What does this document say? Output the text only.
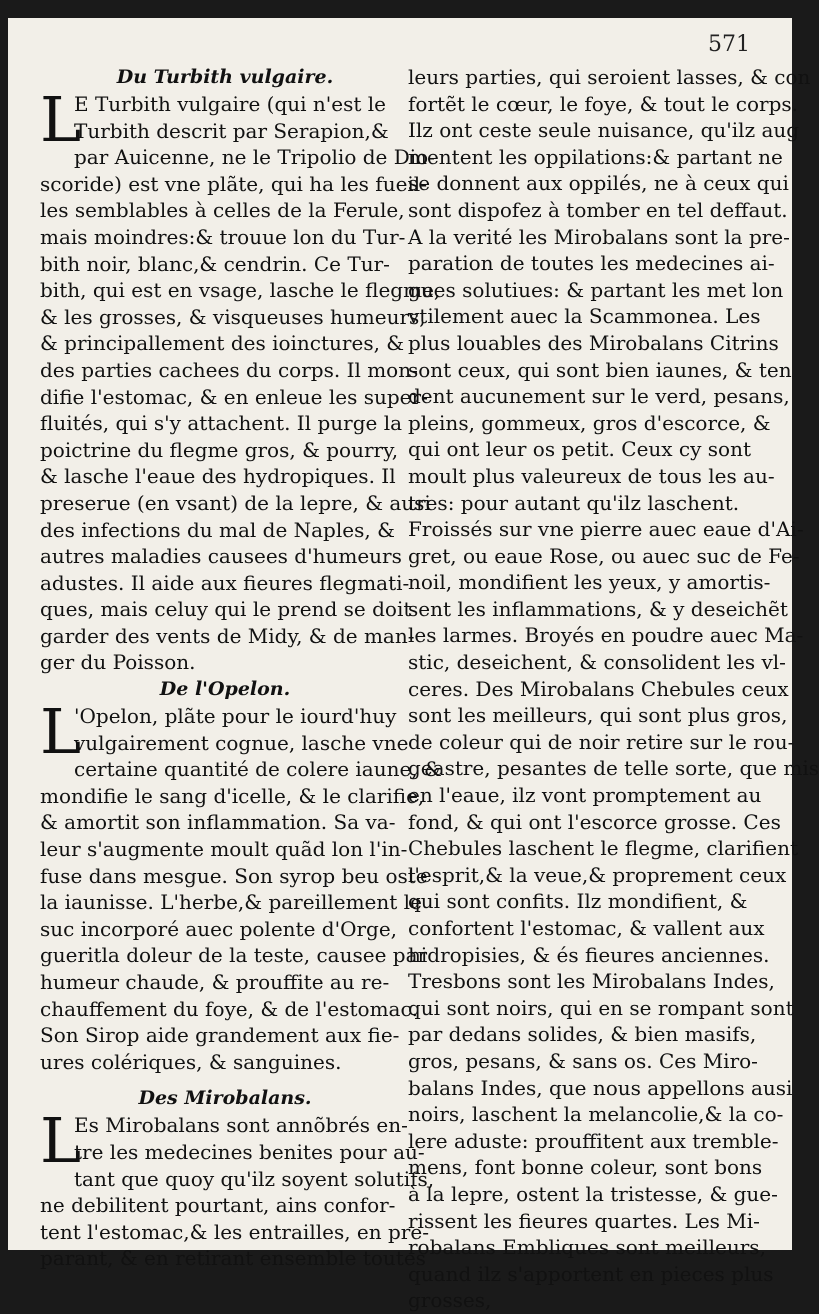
571
Du Turbith vulgaire.
L
E Turbith vulgaire (qui n'est le
Turbith descrit par Serapion,&
par Auicenne, ne le Tripolio de Dio-
scoride) est vne plãte, qui ha les fueil-
les semblables à celles de la Ferule,
mais moindres:& trouue lon du Tur-
bith noir, blanc,& cendrin. Ce Tur-
bith, qui est en vsage, lasche le flegme,
& les grosses, & visqueuses humeurs,
& principallement des ioinctures, &
des parties cachees du corps. Il mon-
difie l'estomac, & en enleue les super-
fluités, qui s'y attachent. Il purge la
poictrine du flegme gros, & pourry,
& lasche l'eaue des hydropiques. Il
preserue (en vsant) de la lepre, & ausi
des infections du mal de Naples, &
autres maladies causees d'humeurs
adustes. Il aide aux fieures flegmati-
ques, mais celuy qui le prend se doit
garder des vents de Midy, & de man-
ger du Poisson.
De l'Opelon.
L
'Opelon, plãte pour le iourd'huy
vulgairement cognue, lasche vne
certaine quantité de colere iaune, &
mondifie le sang d'icelle, & le clarifie,
& amortit son inflammation. Sa va-
leur s'augmente moult quãd lon l'in-
fuse dans mesgue. Son syrop beu oste
la iaunisse. L'herbe,& pareillement le
suc incorporé auec polente d'Orge,
gueritla doleur de la teste, causee par
humeur chaude, & prouffite au re-
chauffement du foye, & de l'estomac.
Son Sirop aide grandement aux fie-
ures colériques, & sanguines.
Des Mirobalans.
L
Es Mirobalans sont annõbrés en-
tre les medecines benites pour au-
tant que quoy qu'ilz soyent solutifs,
ne debilitent pourtant, ains confor-
tent l'estomac,& les entrailles, en pre-
parant, & en retirant ensemble toutes
leurs parties, qui seroient lasses, & con
fortẽt le cœur, le foye, & tout le corps.
Ilz ont ceste seule nuisance, qu'ilz aug
mentent les oppilations:& partant ne
se donnent aux oppilés, ne à ceux qui
sont dispofez à tomber en tel deffaut.
A la verité les Mirobalans sont la pre-
paration de toutes les medecines ai-
gues solutiues: & partant les met lon
vtilement auec la Scammonea. Les
plus louables des Mirobalans Citrins
sont ceux, qui sont bien iaunes, & ten
dent aucunement sur le verd, pesans,
pleins, gommeux, gros d'escorce, &
qui ont leur os petit. Ceux cy sont
moult plus valeureux de tous les au-
tres: pour autant qu'ilz laschent.
Froissés sur vne pierre auec eaue d'Ai-
gret, ou eaue Rose, ou auec suc de Fe-
noil, mondifient les yeux, y amortis-
sent les inflammations, & y deseichẽt
les larmes. Broyés en poudre auec Ma-
stic, deseichent, & consolident les vl-
ceres. Des Mirobalans Chebules ceux
sont les meilleurs, qui sont plus gros,
de coleur qui de noir retire sur le rou-
geastre, pesantes de telle sorte, que mis
en l'eaue, ilz vont promptement au
fond, & qui ont l'escorce grosse. Ces
Chebules laschent le flegme, clarifient
l'esprit,& la veue,& proprement ceux
qui sont confits. Ilz mondifient, &
confortent l'estomac, & vallent aux
hidropisies, & és fieures anciennes.
Tresbons sont les Mirobalans Indes,
qui sont noirs, qui en se rompant sont
par dedans solides, & bien masifs,
gros, pesans, & sans os. Ces Miro-
balans Indes, que nous appellons ausi
noirs, laschent la melancolie,& la co-
lere aduste: prouffitent aux tremble-
mens, font bonne coleur, sont bons
à la lepre, ostent la tristesse, & gue-
rissent les fieures quartes. Les Mi-
robalans Embliques sont meilleurs,
quand ilz s'apportent en pieces plus
grosses,
